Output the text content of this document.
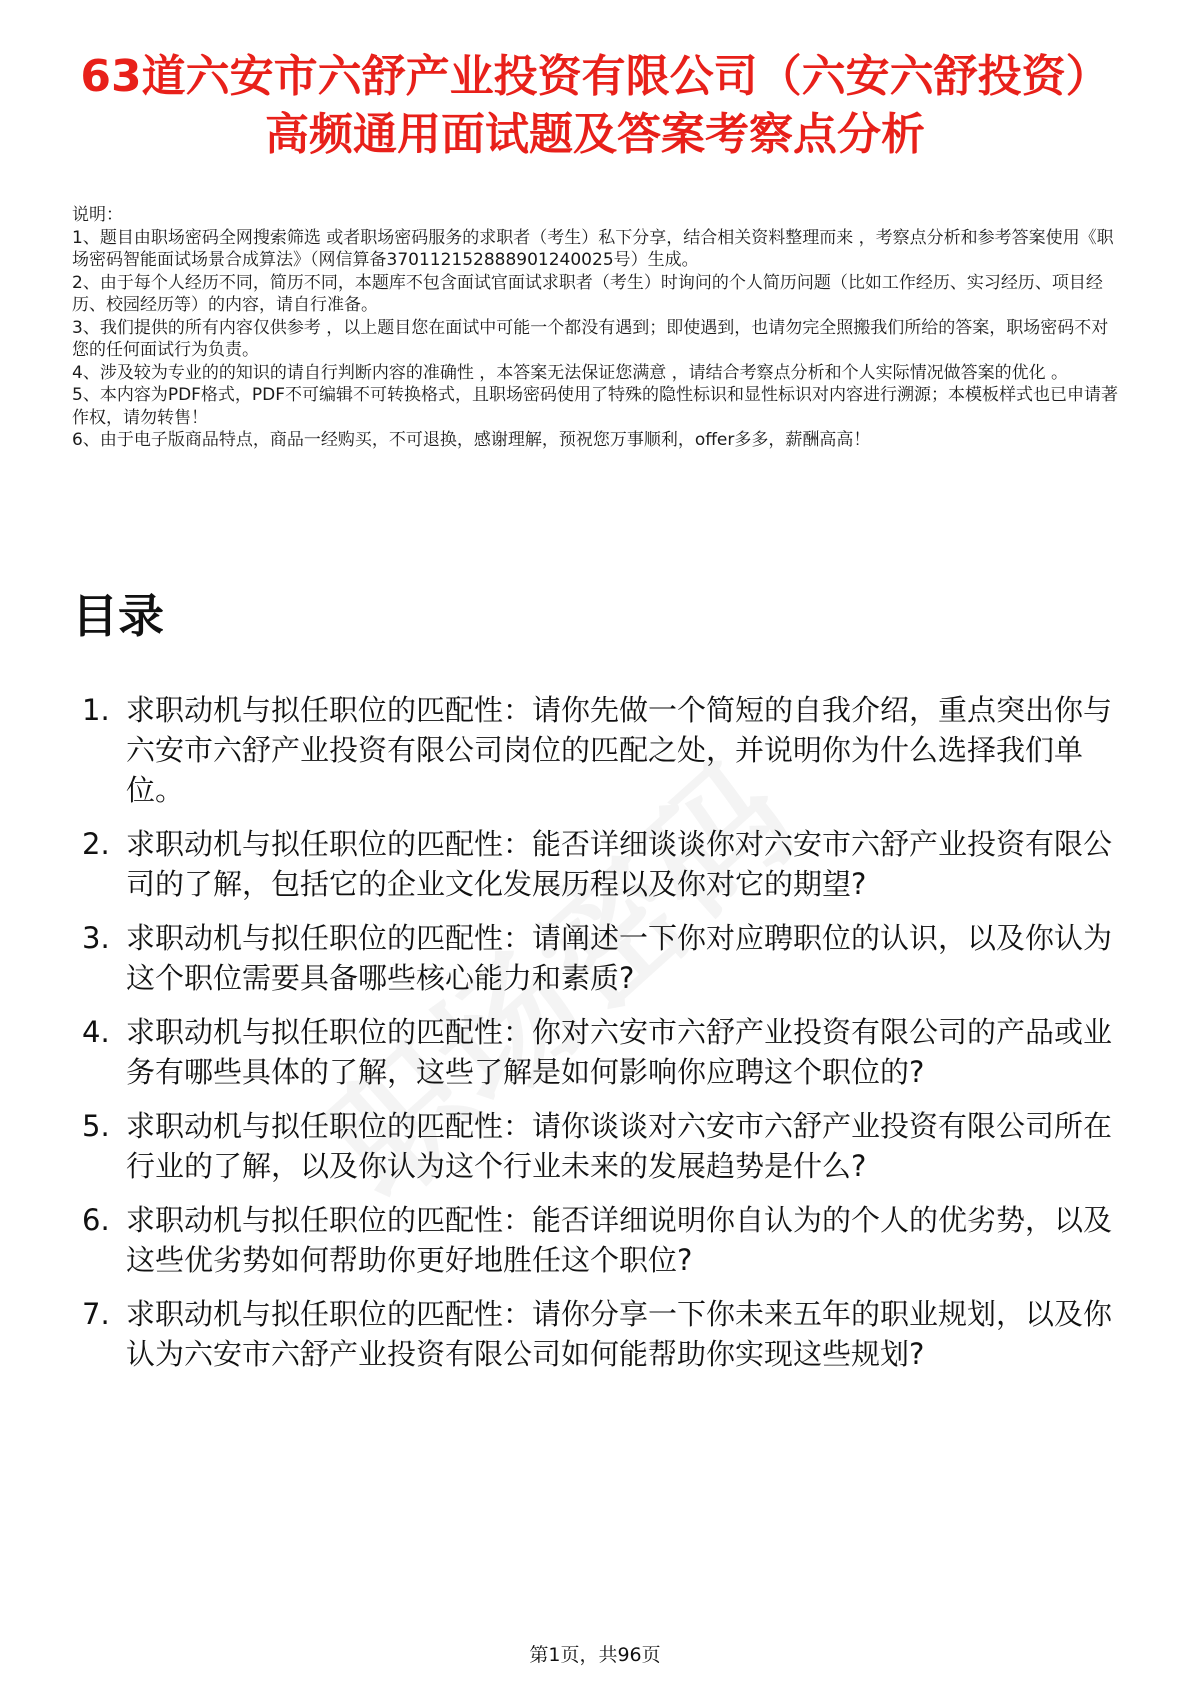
63道六安市六舒产业投资有限公司（六安六舒投资）高频通用面试题及答案考察点分析

说明：

1、题目由职场密码全网搜索筛选 或者职场密码服务的求职者（考生）私下分享，结合相关资料整理而来 ，考察点分析和参考答案使用《职场密码智能面试场景合成算法》（网信算备370112152888901240025号）生成。

2、由于每个人经历不同，简历不同，本题库不包含面试官面试求职者（考生）时询问的个人简历问题（比如工作经历、实习经历、项目经历、校园经历等）的内容，请自行准备。

3、我们提供的所有内容仅供参考 ，以上题目您在面试中可能一个都没有遇到；即使遇到，也请勿完全照搬我们所给的答案，职场密码不对您的任何面试行为负责。

4、涉及较为专业的的知识的请自行判断内容的准确性 ，本答案无法保证您满意 ，请结合考察点分析和个人实际情况做答案的优化 。

5、本内容为PDF格式，PDF不可编辑不可转换格式，且职场密码使用了特殊的隐性标识和显性标识对内容进行溯源；本模板样式也已申请著作权，请勿转售！

6、由于电子版商品特点，商品一经购买，不可退换，感谢理解，预祝您万事顺利，offer多多，薪酬高高！

目录
1. 求职动机与拟任职位的匹配性：请你先做一个简短的自我介绍，重点突出你与六安市六舒产业投资有限公司岗位的匹配之处，并说明你为什么选择我们单位。
2. 求职动机与拟任职位的匹配性：能否详细谈谈你对六安市六舒产业投资有限公司的了解，包括它的企业文化发展历程以及你对它的期望?
3. 求职动机与拟任职位的匹配性：请阐述一下你对应聘职位的认识，以及你认为这个职位需要具备哪些核心能力和素质?
4. 求职动机与拟任职位的匹配性：你对六安市六舒产业投资有限公司的产品或业务有哪些具体的了解，这些了解是如何影响你应聘这个职位的?
5. 求职动机与拟任职位的匹配性：请你谈谈对六安市六舒产业投资有限公司所在行业的了解，以及你认为这个行业未来的发展趋势是什么?
6. 求职动机与拟任职位的匹配性：能否详细说明你自认为的个人的优劣势，以及这些优劣势如何帮助你更好地胜任这个职位?
7. 求职动机与拟任职位的匹配性：请你分享一下你未来五年的职业规划，以及你认为六安市六舒产业投资有限公司如何能帮助你实现这些规划?
第1页，共96页
